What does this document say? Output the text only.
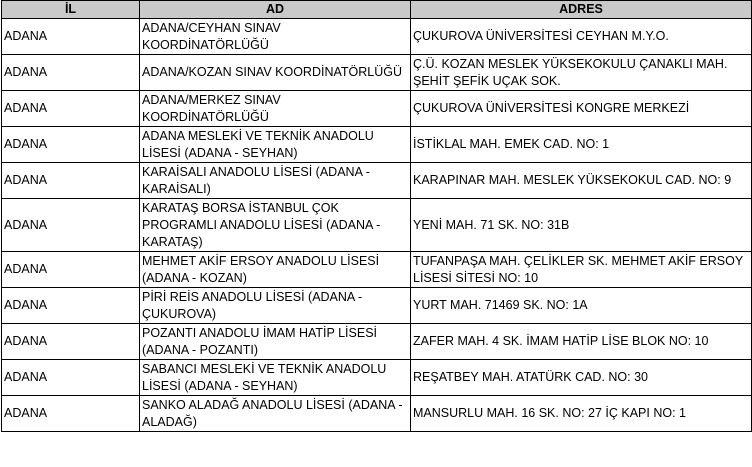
İL	AD	ADRES
ADANA	ADANA/CEYHAN SINAV KOORDİNATÖRLÜĞÜ	ÇUKUROVA ÜNİVERSİTESİ CEYHAN M.Y.O.
ADANA	ADANA/KOZAN SINAV KOORDİNATÖRLÜĞÜ	Ç.Ü. KOZAN MESLEK YÜKSEKOKULU ÇANAKLI MAH. ŞEHİT ŞEFİK UÇAK SOK.
ADANA	ADANA/MERKEZ SINAV KOORDİNATÖRLÜĞÜ	ÇUKUROVA ÜNİVERSİTESİ KONGRE MERKEZİ
ADANA	ADANA MESLEKİ VE TEKNİK ANADOLU LİSESİ (ADANA - SEYHAN)	İSTİKLAL MAH. EMEK CAD. NO: 1
ADANA	KARAİSALI ANADOLU LİSESİ (ADANA - KARAİSALI)	KARAPINAR MAH. MESLEK YÜKSEKOKUL CAD. NO: 9
ADANA	KARATAŞ BORSA İSTANBUL ÇOK PROGRAMLI ANADOLU LİSESİ (ADANA - KARATAŞ)	YENİ MAH. 71 SK. NO: 31B
ADANA	MEHMET AKİF ERSOY ANADOLU LİSESİ (ADANA - KOZAN)	TUFANPAŞA MAH. ÇELİKLER SK. MEHMET AKİF ERSOY LİSESİ SİTESİ NO: 10
ADANA	PİRİ REİS ANADOLU LİSESİ (ADANA - ÇUKUROVA)	YURT MAH. 71469 SK. NO: 1A
ADANA	POZANTI ANADOLU İMAM HATİP LİSESİ (ADANA - POZANTI)	ZAFER MAH. 4 SK. İMAM HATİP LİSE BLOK NO: 10
ADANA	SABANCI MESLEKİ VE TEKNİK ANADOLU LİSESİ (ADANA - SEYHAN)	REŞATBEY MAH. ATATÜRK CAD. NO: 30
ADANA	SANKO ALADAĞ ANADOLU LİSESİ (ADANA - ALADAĞ)	MANSURLU MAH. 16 SK. NO: 27 İÇ KAPI NO: 1
